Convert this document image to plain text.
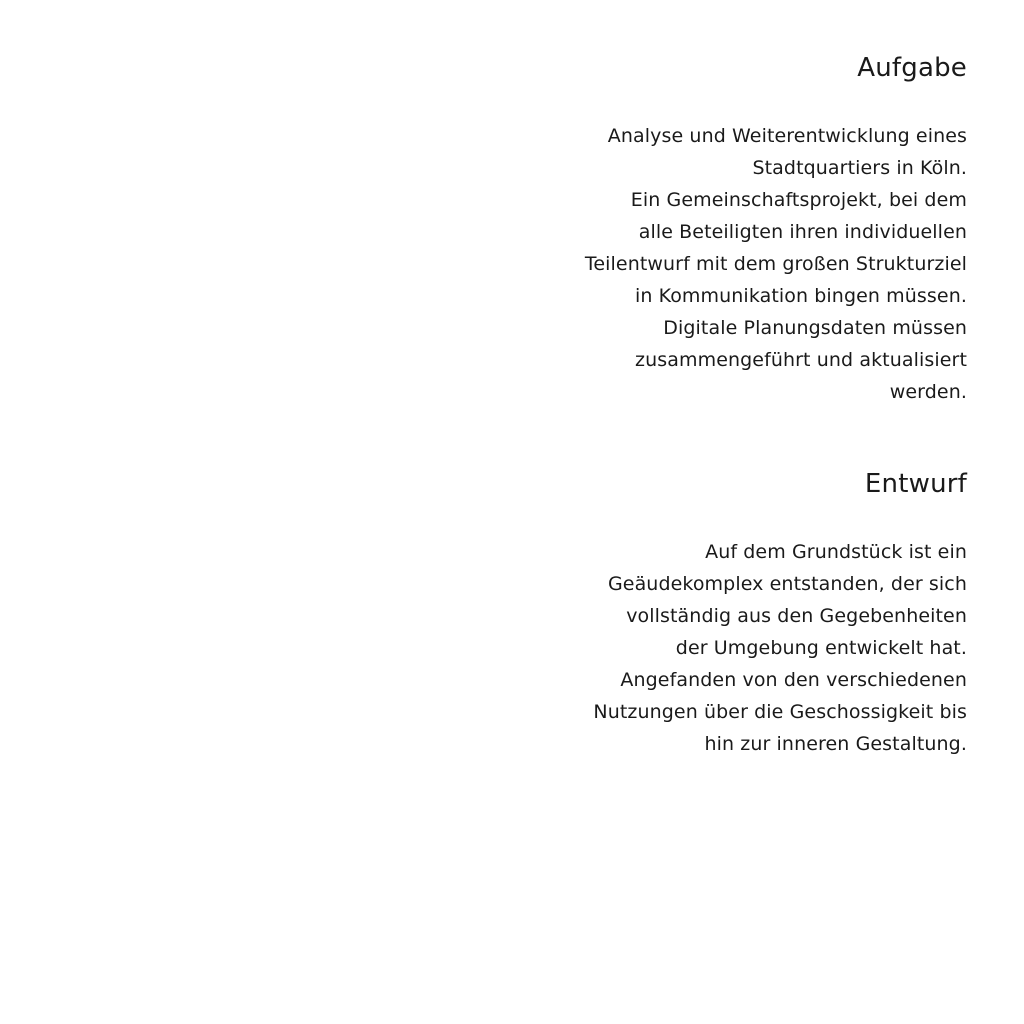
Aufgabe
Analyse und Weiterentwicklung eines
Stadtquartiers in Köln.
Ein Gemeinschaftsprojekt, bei dem
alle Beteiligten ihren individuellen
Teilentwurf mit dem großen Strukturziel
in Kommunikation bingen müssen.
Digitale Planungsdaten müssen
zusammengeführt und aktualisiert
werden.
Entwurf
Auf dem Grundstück ist ein
Geäudekomplex entstanden, der sich
vollständig aus den Gegebenheiten
der Umgebung entwickelt hat.
Angefanden von den verschiedenen
Nutzungen über die Geschossigkeit bis
hin zur inneren Gestaltung.
